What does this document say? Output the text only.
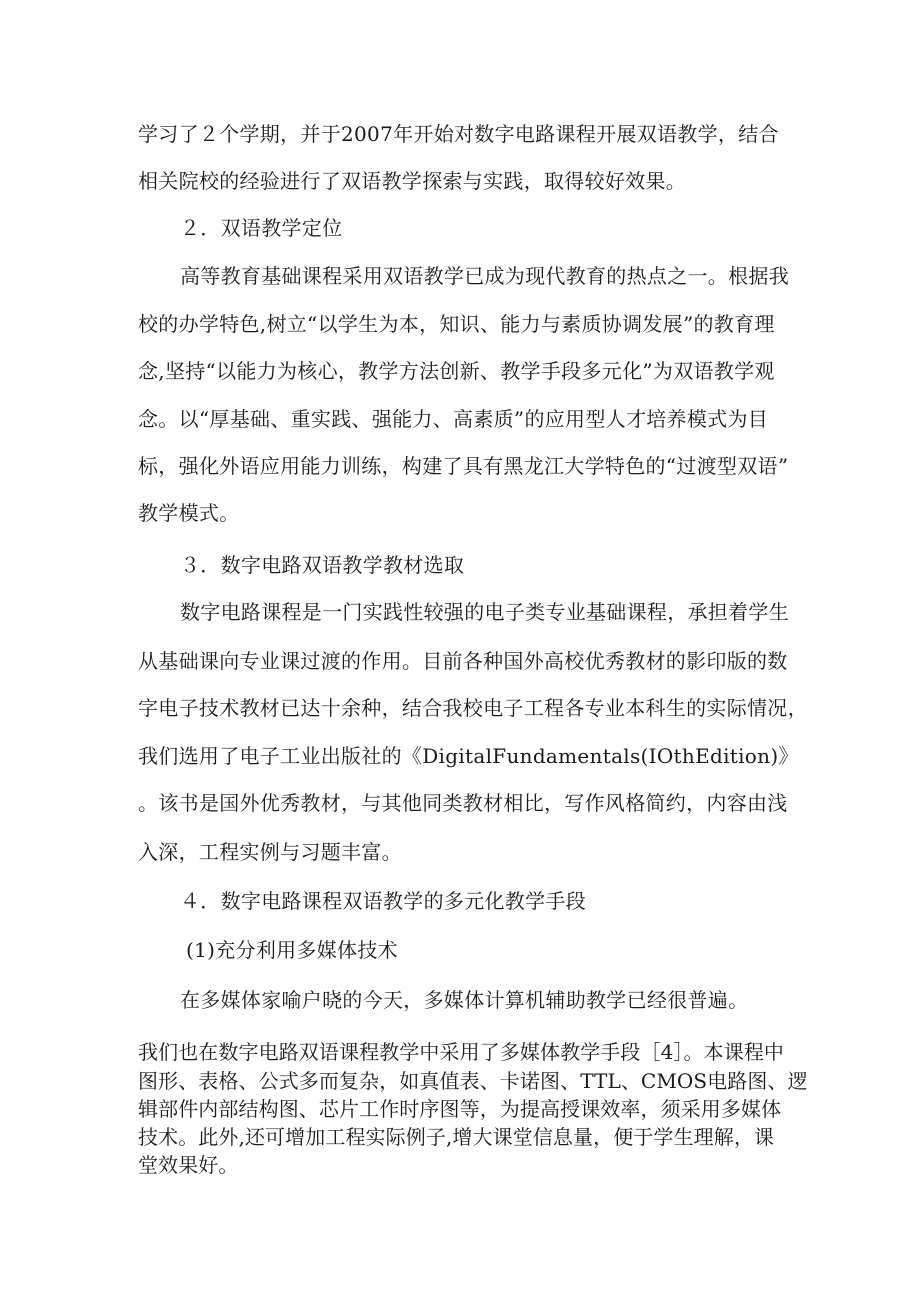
学习了２个学期，并于2007年开始对数字电路课程开展双语教学，结合
相关院校的经验进行了双语教学探索与实践，取得较好效果。
２．双语教学定位
高等教育基础课程采用双语教学已成为现代教育的热点之一。根据我
校的办学特色,树立“以学生为本，知识、能力与素质协调发展”的教育理
念,坚持“以能力为核心，教学方法创新、教学手段多元化”为双语教学观
念。以“厚基础、重实践、强能力、高素质”的应用型人才培养模式为目
标，强化外语应用能力训练，构建了具有黑龙江大学特色的“过渡型双语”
教学模式。
３．数字电路双语教学教材选取
数字电路课程是一门实践性较强的电子类专业基础课程，承担着学生
从基础课向专业课过渡的作用。目前各种国外高校优秀教材的影印版的数
字电子技术教材已达十余种，结合我校电子工程各专业本科生的实际情况，
我们选用了电子工业出版社的《DigitalFundamentals(IOthEdition)》
。该书是国外优秀教材，与其他同类教材相比，写作风格简约，内容由浅
入深，工程实例与习题丰富。
４．数字电路课程双语教学的多元化教学手段
(1)充分利用多媒体技术
在多媒体家喻户晓的今天，多媒体计算机辅助教学已经很普遍。
我们也在数字电路双语课程教学中采用了多媒体教学手段［4］。本课程中
图形、表格、公式多而复杂，如真值表、卡诺图、TTL、CMOS电路图、逻
辑部件内部结构图、芯片工作时序图等，为提高授课效率，须采用多媒体
技术。此外,还可增加工程实际例子,增大课堂信息量，便于学生理解，课
堂效果好。
